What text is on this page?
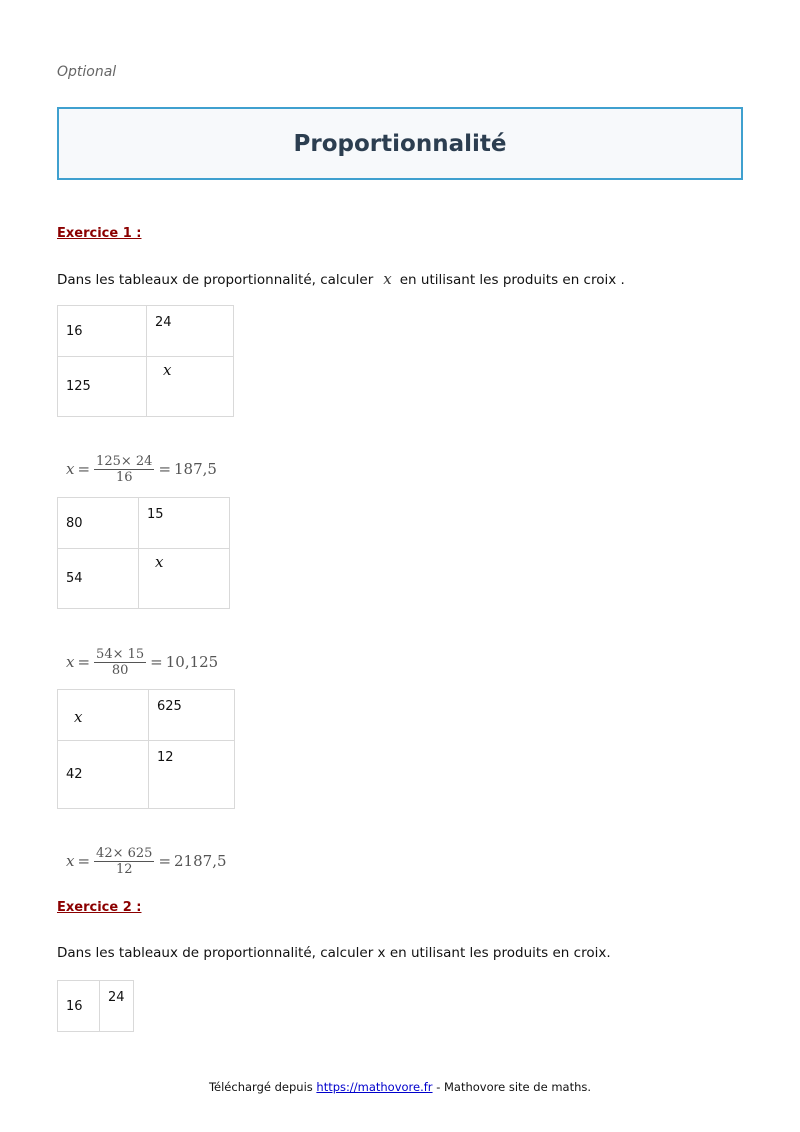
Optional
Proportionnalité
Exercice 1 :
Dans les tableaux de proportionnalité, calculer x en utilisant les produits en croix .
16	24
125	x
$x = \frac{125\times 24}{16} = 187,5$
80	15
54	x
$x = \frac{54\times 15}{80} = 10,125$
x	625
42	12
$x = \frac{42\times 625}{12} = 2187,5$
Exercice 2 :
Dans les tableaux de proportionnalité, calculer x en utilisant les produits en croix.
16	24
Téléchargé depuis https://mathovore.fr - Mathovore site de maths.
